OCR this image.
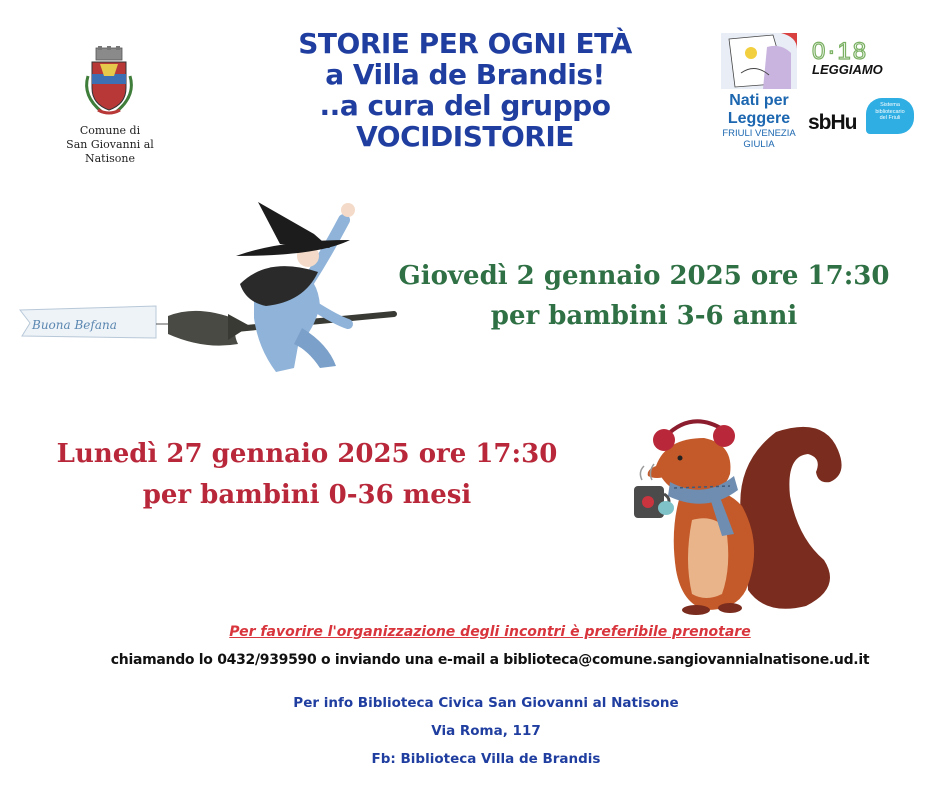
Comune di
San Giovanni al Natisone
STORIE PER OGNI ETÀ
a Villa de Brandis!
..a cura del gruppo
VOCIDISTORIE
Nati per
Leggere
FRIULI VENEZIA
GIULIA
0·18
LEGGIAMO
sbHu
Sistema
bibliotecario
del Friuli
Buona Befana
Giovedì 2 gennaio 2025 ore 17:30
per bambini 3-6 anni
Lunedì 27 gennaio 2025 ore 17:30
per bambini 0-36 mesi
Per favorire l'organizzazione degli incontri è preferibile prenotare
chiamando lo 0432/939590 o inviando una e-mail a biblioteca@comune.sangiovannialnatisone.ud.it
Per info Biblioteca Civica San Giovanni al Natisone
Via Roma, 117
Fb: Biblioteca Villa de Brandis
